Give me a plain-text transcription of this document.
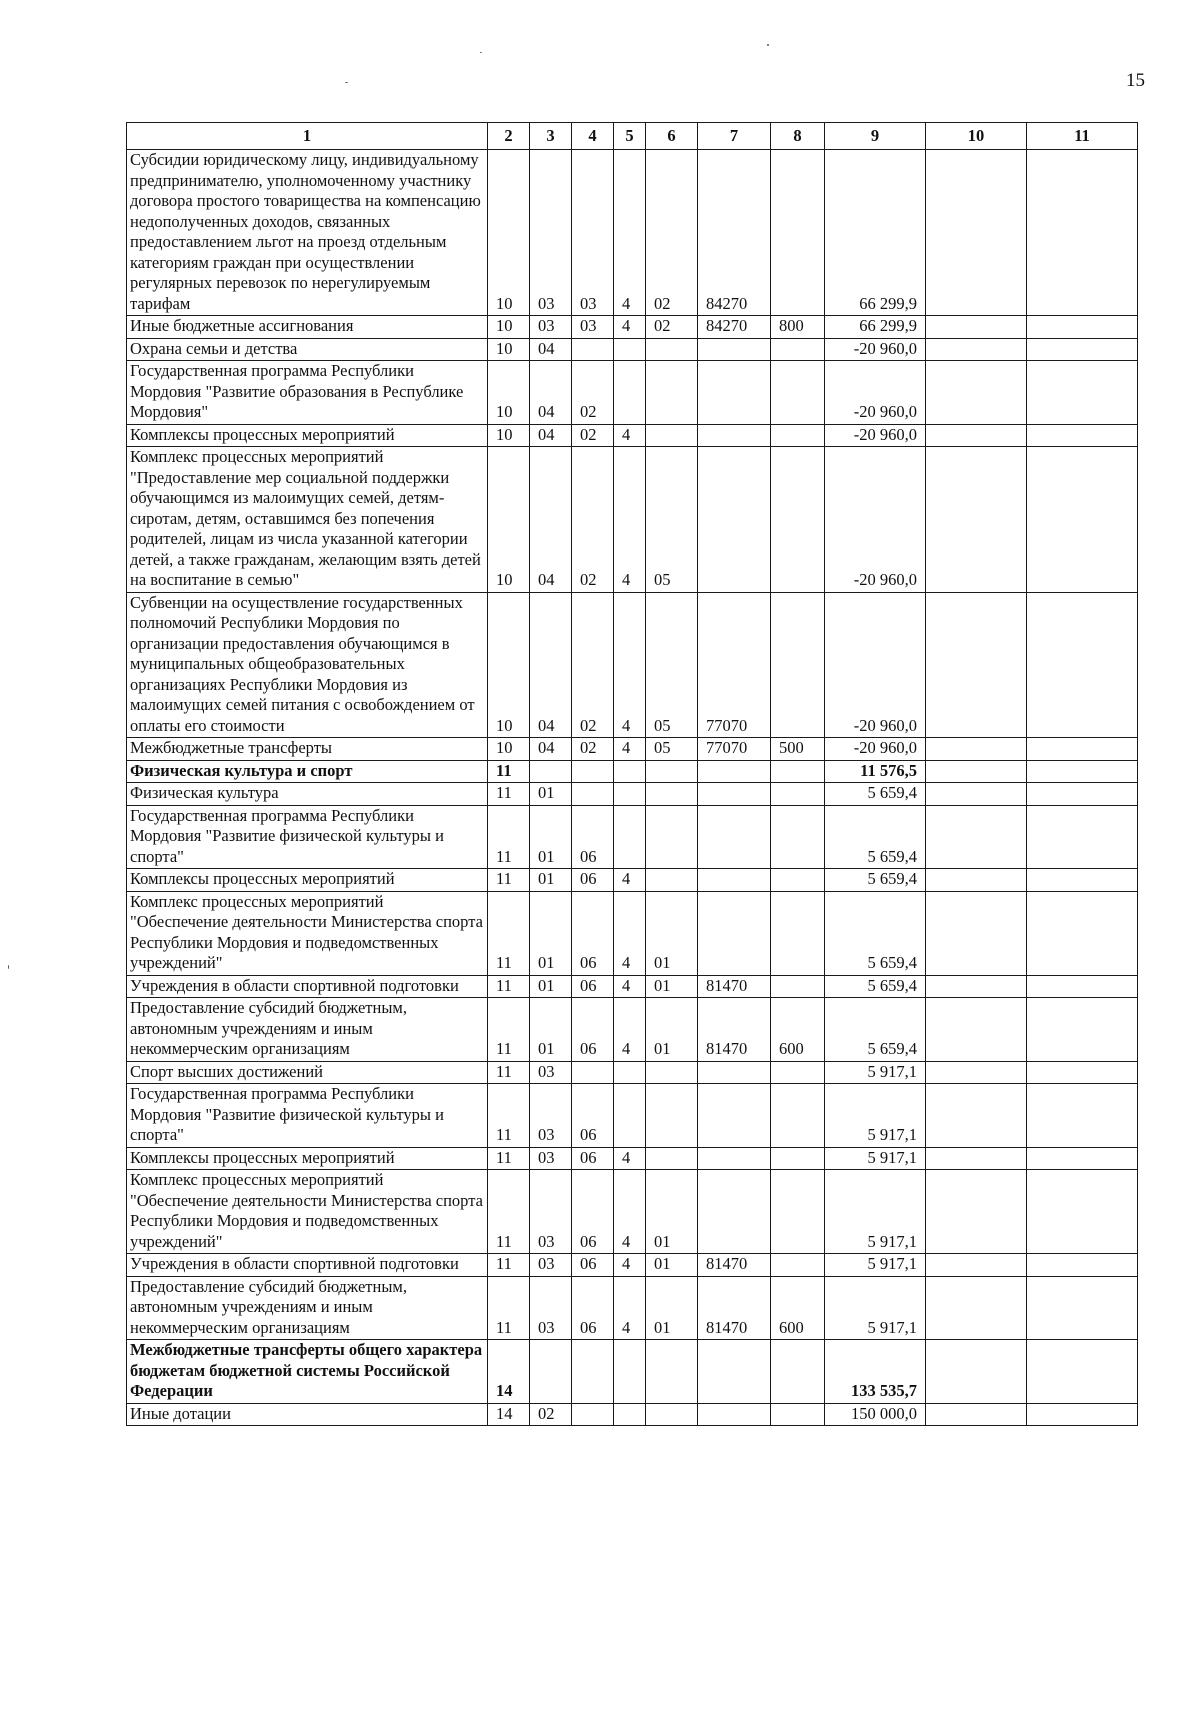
15
1	2	3	4	5	6	7	8	9	10	11
Субсидии юридическому лицу, индивидуальному предпринимателю, уполномоченному участнику договора простого товарищества на компенсацию недополученных доходов, связанных предоставлением льгот на проезд отдельным категориям граждан при осуществлении регулярных перевозок по нерегулируемым тарифам	10	03	03	4	02	84270		66 299,9		
Иные бюджетные ассигнования	10	03	03	4	02	84270	800	66 299,9		
Охрана семьи и детства	10	04						-20 960,0		
Государственная программа Республики Мордовия "Развитие образования в Республике Мордовия"	10	04	02					-20 960,0		
Комплексы процессных мероприятий	10	04	02	4				-20 960,0		
Комплекс процессных мероприятий "Предоставление мер социальной поддержки обучающимся из малоимущих семей, детям-сиротам, детям, оставшимся без попечения родителей, лицам из числа указанной категории детей, а также гражданам, желающим взять детей на воспитание в семью"	10	04	02	4	05			-20 960,0		
Субвенции на осуществление государственных полномочий Республики Мордовия по организации предоставления обучающимся в муниципальных общеобразовательных организациях Республики Мордовия из малоимущих семей питания с освобождением от оплаты его стоимости	10	04	02	4	05	77070		-20 960,0		
Межбюджетные трансферты	10	04	02	4	05	77070	500	-20 960,0		
Физическая культура и спорт	11							11 576,5		
Физическая культура	11	01						5 659,4		
Государственная программа Республики Мордовия "Развитие физической культуры и спорта"	11	01	06					5 659,4		
Комплексы процессных мероприятий	11	01	06	4				5 659,4		
Комплекс процессных мероприятий "Обеспечение деятельности Министерства спорта Республики Мордовия и подведомственных учреждений"	11	01	06	4	01			5 659,4		
Учреждения в области спортивной подготовки	11	01	06	4	01	81470		5 659,4		
Предоставление субсидий бюджетным, автономным учреждениям и иным некоммерческим организациям	11	01	06	4	01	81470	600	5 659,4		
Спорт высших достижений	11	03						5 917,1		
Государственная программа Республики Мордовия "Развитие физической культуры и спорта"	11	03	06					5 917,1		
Комплексы процессных мероприятий	11	03	06	4				5 917,1		
Комплекс процессных мероприятий "Обеспечение деятельности Министерства спорта Республики Мордовия и подведомственных учреждений"	11	03	06	4	01			5 917,1		
Учреждения в области спортивной подготовки	11	03	06	4	01	81470		5 917,1		
Предоставление субсидий бюджетным, автономным учреждениям и иным некоммерческим организациям	11	03	06	4	01	81470	600	5 917,1		
Межбюджетные трансферты общего характера бюджетам бюджетной системы Российской Федерации	14							133 535,7		
Иные дотации	14	02						150 000,0		
